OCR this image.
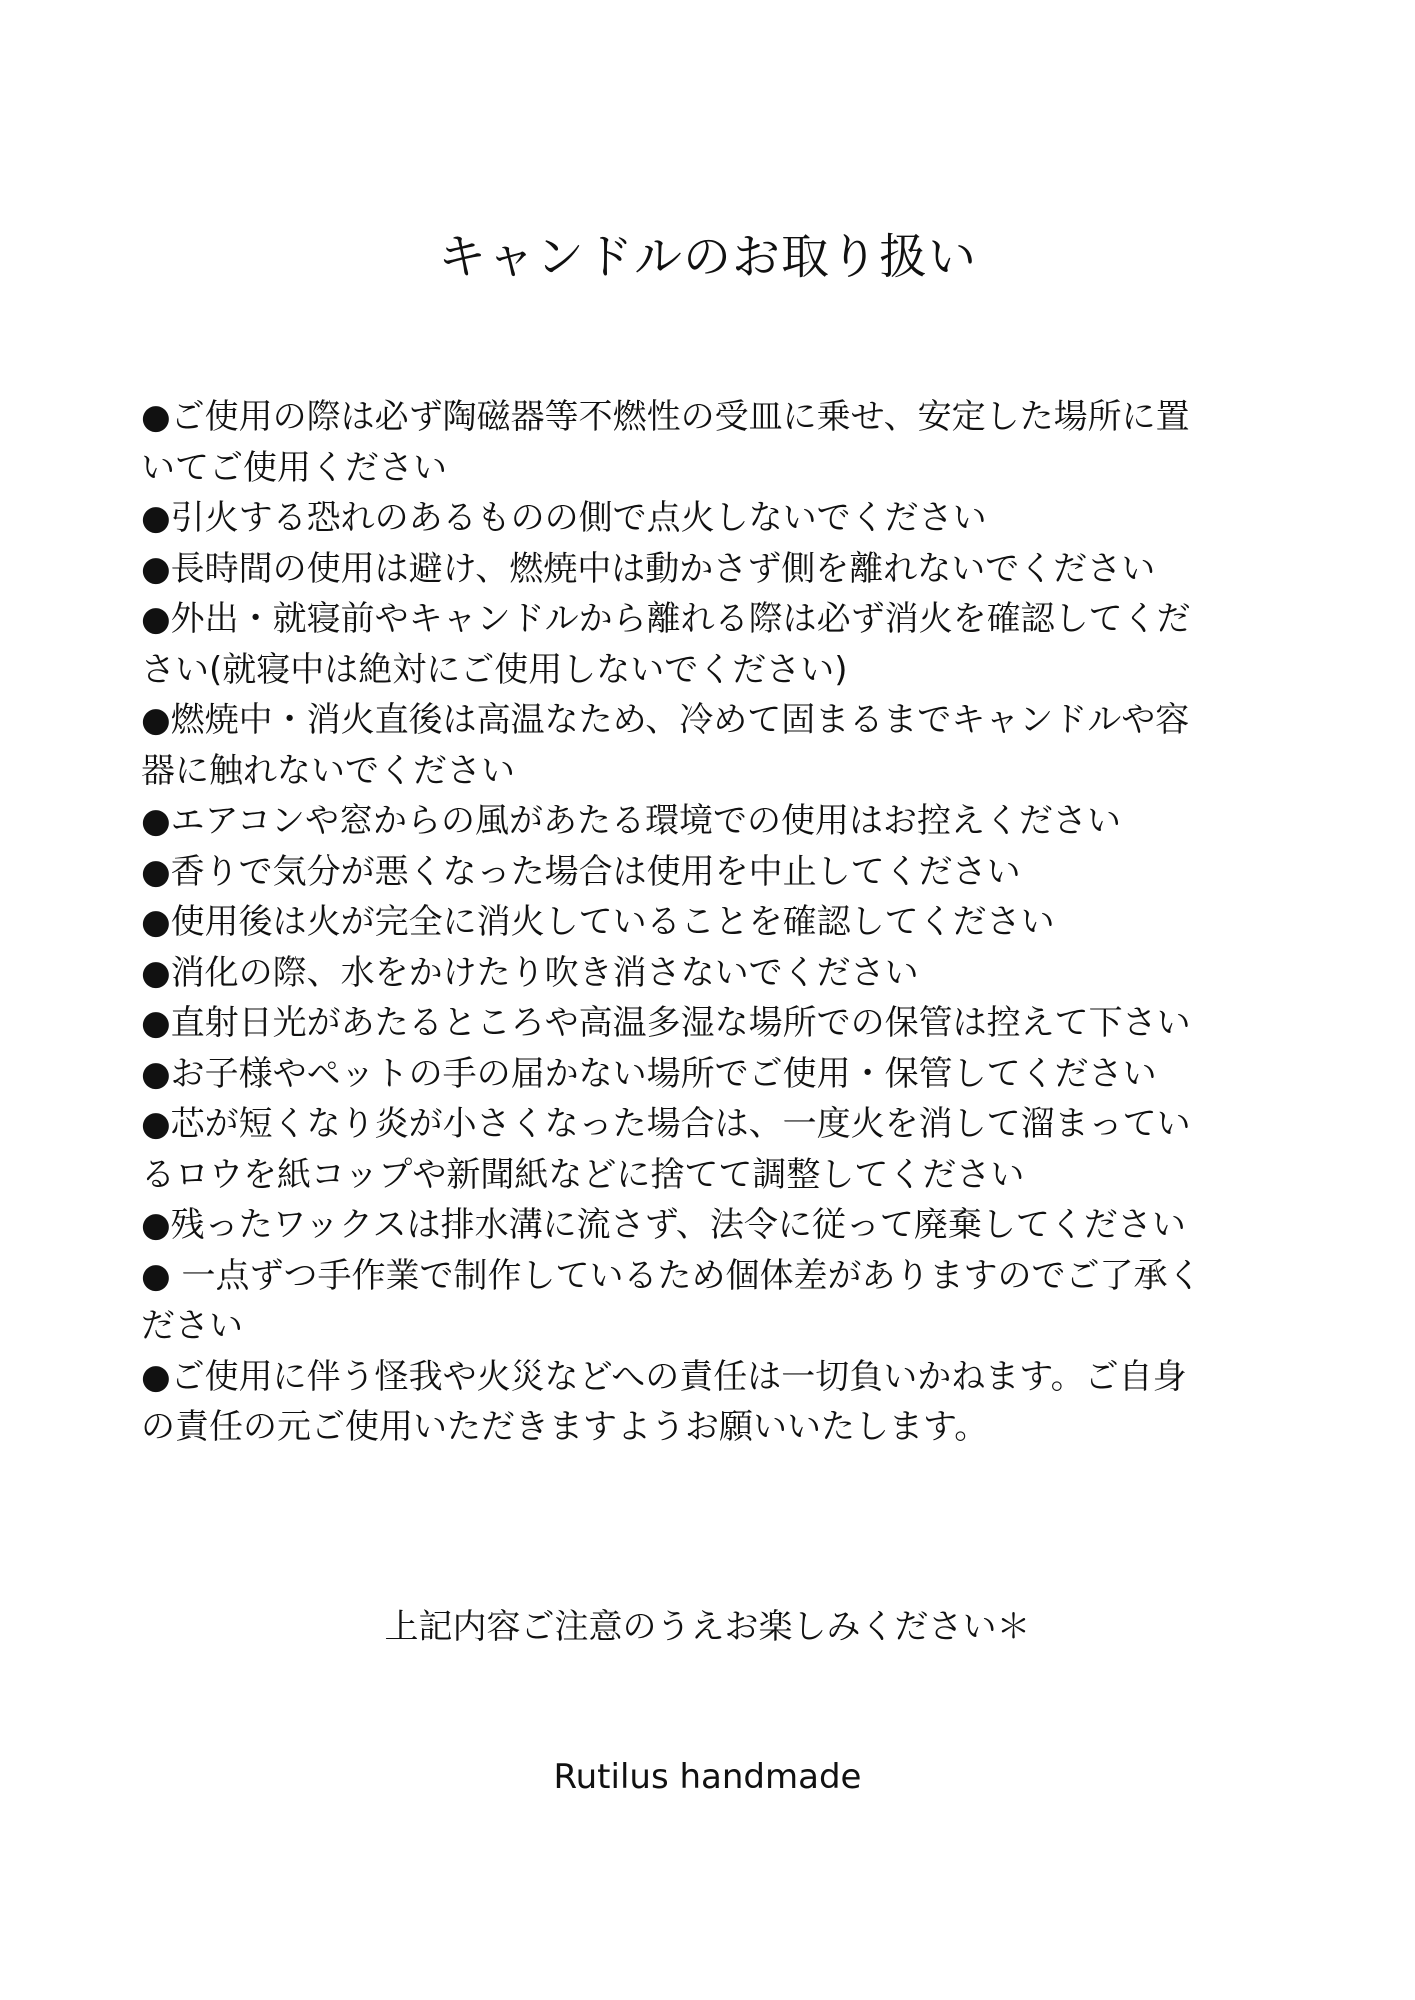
キャンドルのお取り扱い
●ご使用の際は必ず陶磁器等不燃性の受皿に乗せ、安定した場所に置
いてご使用ください
●引火する恐れのあるものの側で点火しないでください
●長時間の使用は避け、燃焼中は動かさず側を離れないでください
●外出・就寝前やキャンドルから離れる際は必ず消火を確認してくだ
さい(就寝中は絶対にご使用しないでください)
●燃焼中・消火直後は高温なため、冷めて固まるまでキャンドルや容
器に触れないでください
●エアコンや窓からの風があたる環境での使用はお控えください
●香りで気分が悪くなった場合は使用を中止してください
●使用後は火が完全に消火していることを確認してください
●消化の際、水をかけたり吹き消さないでください
●直射日光があたるところや高温多湿な場所での保管は控えて下さい
●お子様やペットの手の届かない場所でご使用・保管してください
●芯が短くなり炎が小さくなった場合は、一度火を消して溜まってい
るロウを紙コップや新聞紙などに捨てて調整してください
●残ったワックスは排水溝に流さず、法令に従って廃棄してください
● 一点ずつ手作業で制作しているため個体差がありますのでご了承く
ださい
●ご使用に伴う怪我や火災などへの責任は一切負いかねます。ご自身
の責任の元ご使用いただきますようお願いいたします。

上記内容ご注意のうえお楽しみください＊

Rutilus handmade
